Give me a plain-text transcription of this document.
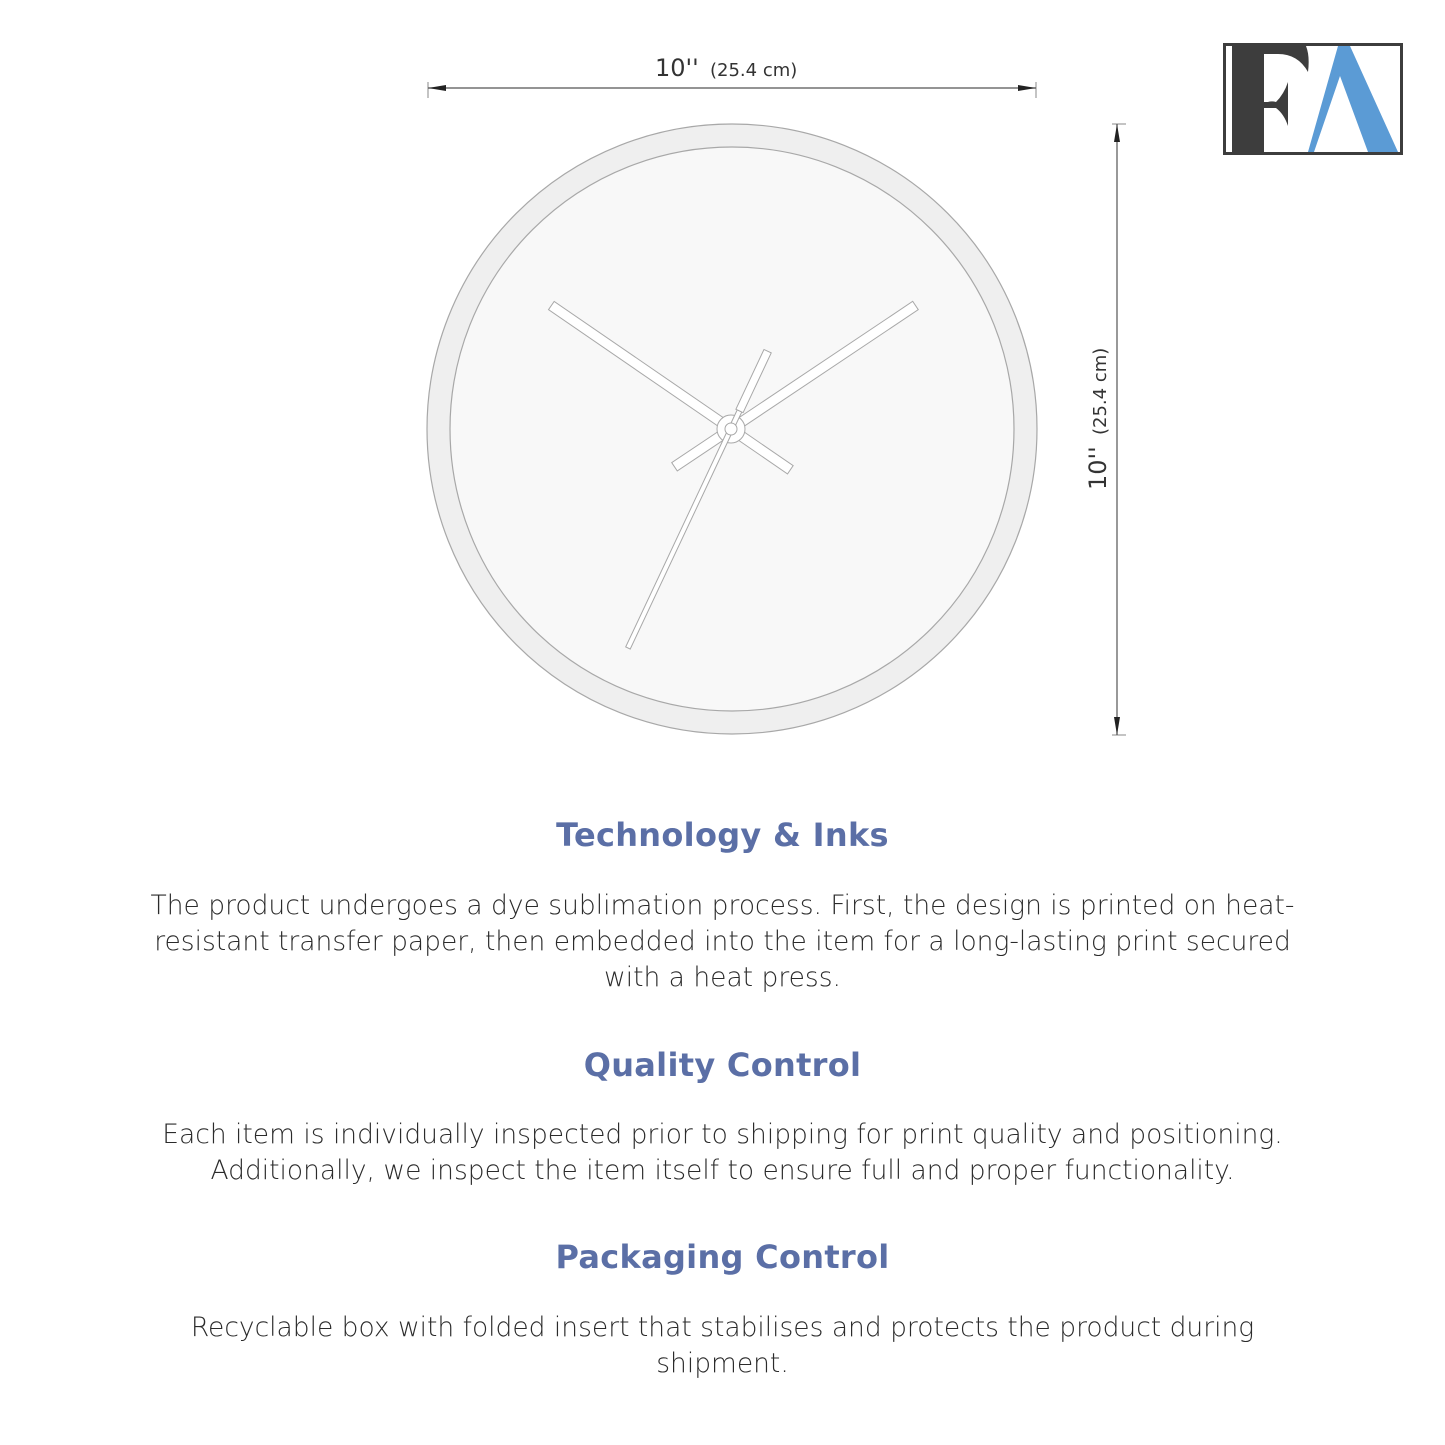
10'' (25.4 cm)
10''
(25.4 cm)
Technology & Inks
The product undergoes a dye sublimation process. First, the design is printed on heat-
resistant transfer paper, then embedded into the item for a long-lasting print secured
with a heat press.
Quality Control
Each item is individually inspected prior to shipping for print quality and positioning.
Additionally, we inspect the item itself to ensure full and proper functionality.
Packaging Control
Recyclable box with folded insert that stabilises and protects the product during
shipment.
